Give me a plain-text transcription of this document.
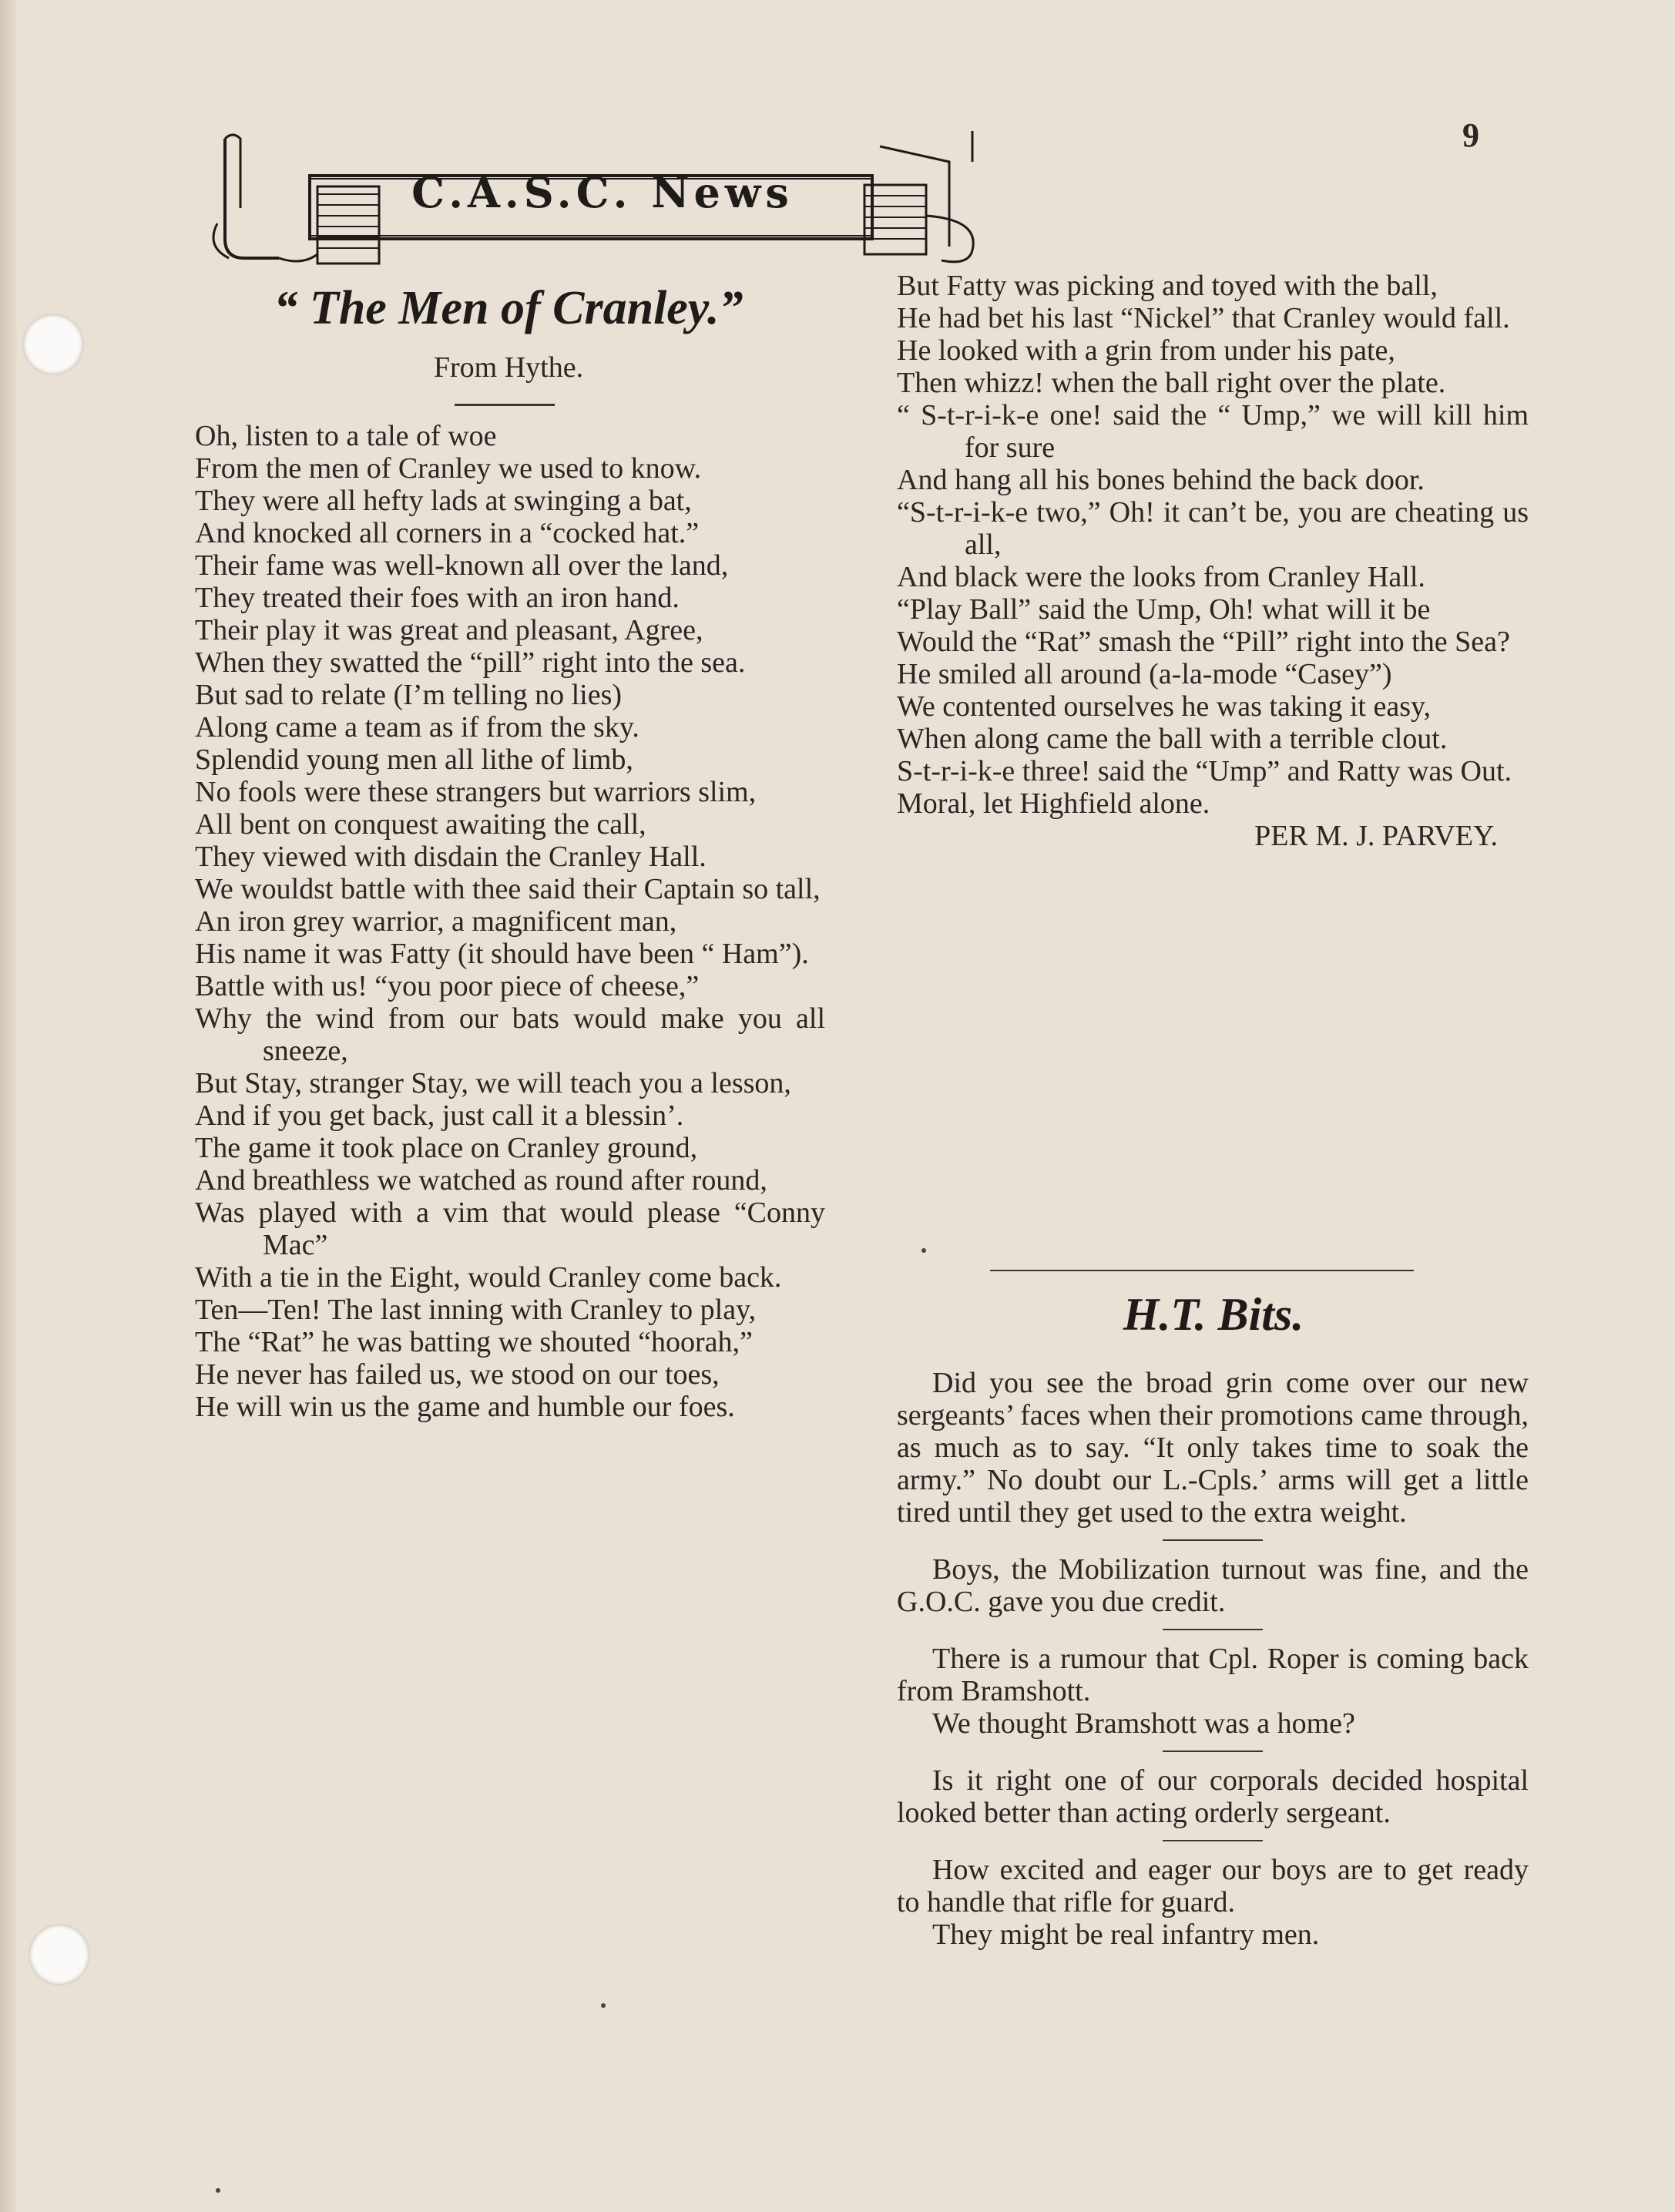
9
C.A.S.C. News
“ The Men of Cranley.”
From Hythe.

Oh, listen to a tale of woe

From the men of Cranley we used to know.

They were all hefty lads at swinging a bat,

And knocked all corners in a “cocked hat.”

Their fame was well-known all over the land,

They treated their foes with an iron hand.

Their play it was great and pleasant, Agree,

When they swatted the “pill” right into the sea.

But sad to relate (I’m telling no lies)

Along came a team as if from the sky.

Splendid young men all lithe of limb,

No fools were these strangers but warriors slim,

All bent on conquest awaiting the call,

They viewed with disdain the Cranley Hall.

We wouldst battle with thee said their Captain so tall,

An iron grey warrior, a magnificent man,

His name it was Fatty (it should have been “ Ham”).

Battle with us! “you poor piece of cheese,”

Why the wind from our bats would make you all sneeze,

But Stay, stranger Stay, we will teach you a lesson,

And if you get back, just call it a blessin’.

The game it took place on Cranley ground,

And breathless we watched as round after round,

Was played with a vim that would please “Conny Mac”

With a tie in the Eight, would Cranley come back.

Ten—Ten! The last inning with Cranley to play,

The “Rat” he was batting we shouted “hoorah,”

He never has failed us, we stood on our toes,

He will win us the game and humble our foes.

But Fatty was picking and toyed with the ball,

He had bet his last “Nickel” that Cranley would fall.

He looked with a grin from under his pate,

Then whizz! when the ball right over the plate.

“ S-t-r-i-k-e one! said the “ Ump,” we will kill him for sure

And hang all his bones behind the back door.

“S-t-r-i-k-e two,” Oh! it can’t be, you are cheating us all,

And black were the looks from Cranley Hall.

“Play Ball” said the Ump, Oh! what will it be

Would the “Rat” smash the “Pill” right into the Sea?

He smiled all around (a-la-mode “Casey”)

We contented ourselves he was taking it easy,

When along came the ball with a terrible clout.

S-t-r-i-k-e three! said the “Ump” and Ratty was Out.

Moral, let Highfield alone.

PER M. J. PARVEY.

H.T. Bits.

Did you see the broad grin come over our new sergeants’ faces when their promotions came through, as much as to say. “It only takes time to soak the army.” No doubt our L.-Cpls.’ arms will get a little tired until they get used to the extra weight.

Boys, the Mobilization turnout was fine, and the G.O.C. gave you due credit.

There is a rumour that Cpl. Roper is coming back from Bramshott.

We thought Bramshott was a home?

Is it right one of our corporals decided hospital looked better than acting orderly sergeant.

How excited and eager our boys are to get ready to handle that rifle for guard.

They might be real infantry men.
